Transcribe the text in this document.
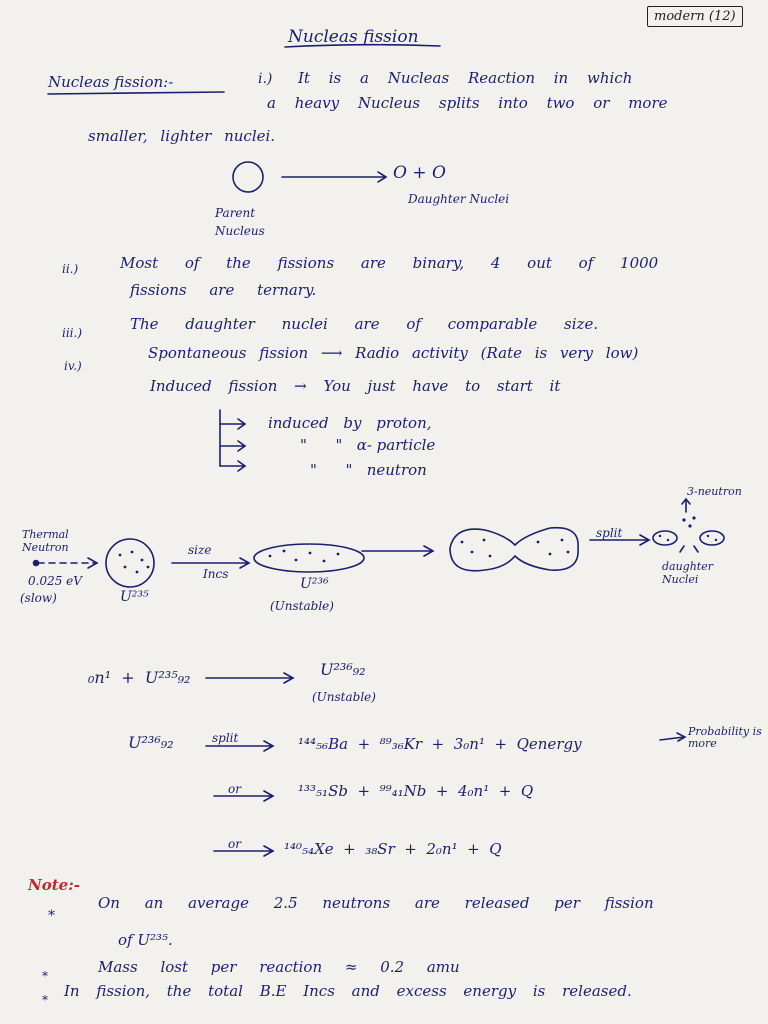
modern (12)
Nucleas fission
Nucleas fission:-	i.) It is a Nucleas Reaction in which
a heavy Nucleus splits into two or more
smaller, lighter nuclei.
O + O
Parent Nucleus
Daughter Nuclei
ii.)	Most of the fissions are binary, 4 out of 1000
fissions are ternary.
iii.)	The daughter nuclei are of comparable size.
iv.)
Spontaneous fission ⟶ Radio activity (Rate is very low)
Induced fission → You just have to start it
induced by proton,
"      "   α- particle
"      "   neutron
Thermal Neutron
0.025 eV
(slow)	U²³⁵
size
Incs
U²³⁶
(Unstable)
split
3-neutron
daughter Nuclei
₀n¹  +  U²³⁵₉₂	U²³⁶₉₂
(Unstable)
U²³⁶₉₂	split	¹⁴⁴₅₆Ba  +  ⁸⁹₃₆Kr  +  3₀n¹  +  Qenergy
Probability is more
or	¹³³₅₁Sb  +  ⁹⁹₄₁Nb  +  4₀n¹  +  Q
or	¹⁴⁰₅₄Xe  +  ₃₈Sr  +  2₀n¹  +  Q
Note:-
*
On an average 2.5 neutrons are released per fission
of U²³⁵.
*	Mass lost per reaction ≈ 0.2 amu
* In fission, the total B.E Incs and excess energy is released.
